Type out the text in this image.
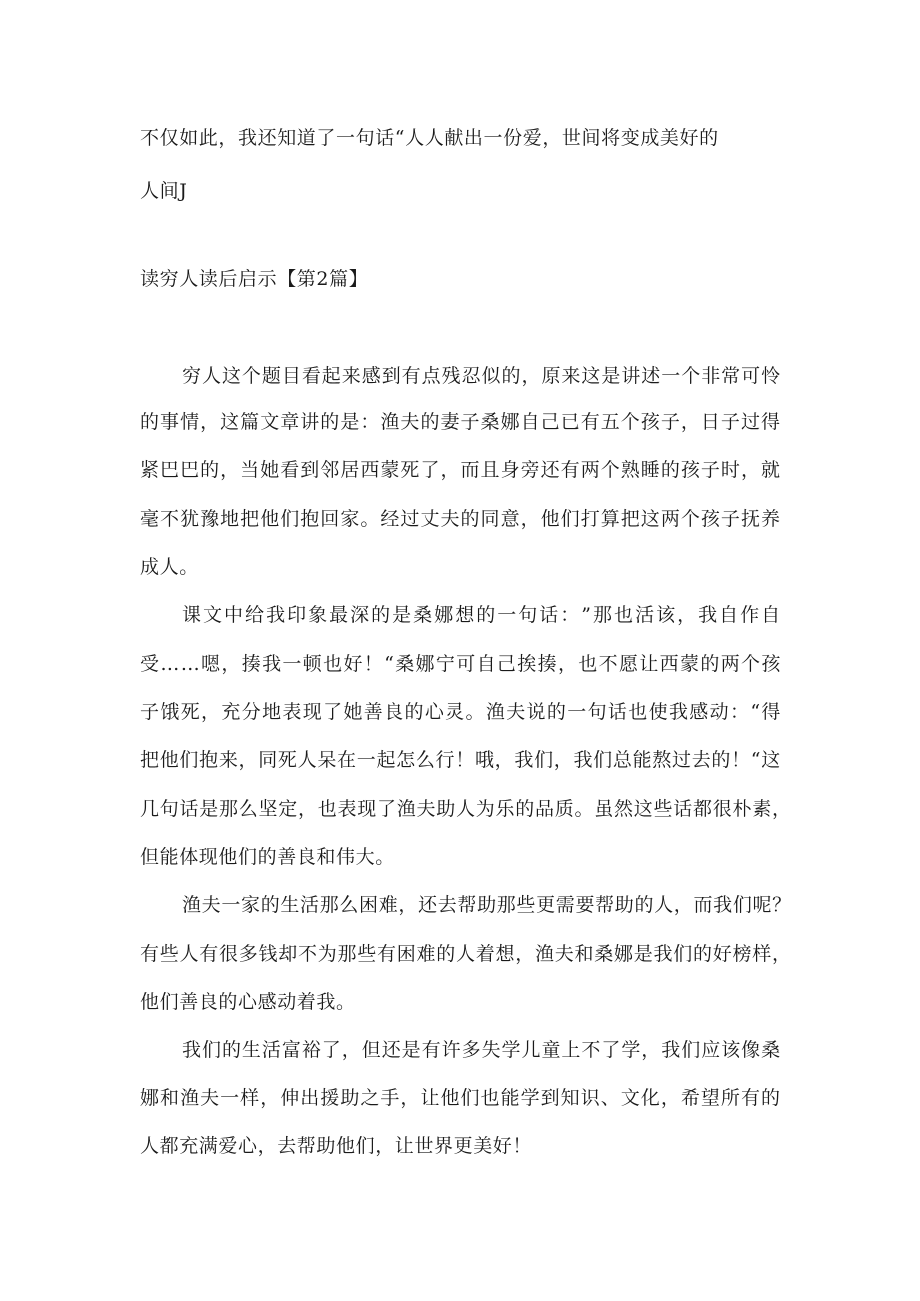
不仅如此，我还知道了一句话“人人献出一份爱，世间将变成美好的
人间J
读穷人读后启示【第2篇】
穷 人 这 个 题 目 看 起 来 感 到 有 点 残 忍 似 的 ， 原 来 这 是 讲 述 一 个 非 常 可 怜
的 事 情 ， 这 篇 文 章 讲 的 是 ： 渔 夫 的 妻 子 桑 娜 自 己 已 有 五 个 孩 子 ， 日 子 过 得
紧 巴 巴 的 ， 当 她 看 到 邻 居 西 蒙 死 了 ， 而 且 身 旁 还 有 两 个 熟 睡 的 孩 子 时 ， 就
毫 不 犹 豫 地 把 他 们 抱 回 家 。 经 过 丈 夫 的 同 意 ， 他 们 打 算 把 这 两 个 孩 子 抚 养
成人。
课 文 中 给 我 印 象 最 深 的 是 桑 娜 想 的 一 句 话 ： ” 那 也 活 该 ， 我 自 作 自
受 … … 嗯 ， 揍 我 一 顿 也 好 ！ “ 桑 娜 宁 可 自 己 挨 揍 ， 也 不 愿 让 西 蒙 的 两 个 孩
子 饿 死 ， 充 分 地 表 现 了 她 善 良 的 心 灵 。 渔 夫 说 的 一 句 话 也 使 我 感 动 ： “ 得
把 他 们 抱 来 ， 同 死 人 呆 在 一 起 怎 么 行 ！ 哦 ， 我 们 ， 我 们 总 能 熬 过 去 的 ！ “ 这
几 句 话 是 那 么 坚 定 ， 也 表 现 了 渔 夫 助 人 为 乐 的 品 质 。 虽 然 这 些 话 都 很 朴 素 ，
但能体现他们的善良和伟大。
渔 夫 一 家 的 生 活 那 么 困 难 ， 还 去 帮 助 那 些 更 需 要 帮 助 的 人 ， 而 我 们 呢 ？
有 些 人 有 很 多 钱 却 不 为 那 些 有 困 难 的 人 着 想 ， 渔 夫 和 桑 娜 是 我 们 的 好 榜 样 ，
他们善良的心感动着我。
我 们 的 生 活 富 裕 了 ， 但 还 是 有 许 多 失 学 儿 童 上 不 了 学 ， 我 们 应 该 像 桑
娜 和 渔 夫 一 样 ， 伸 出 援 助 之 手 ， 让 他 们 也 能 学 到 知 识 、 文 化 ， 希 望 所 有 的
人都充满爱心，去帮助他们，让世界更美好！
